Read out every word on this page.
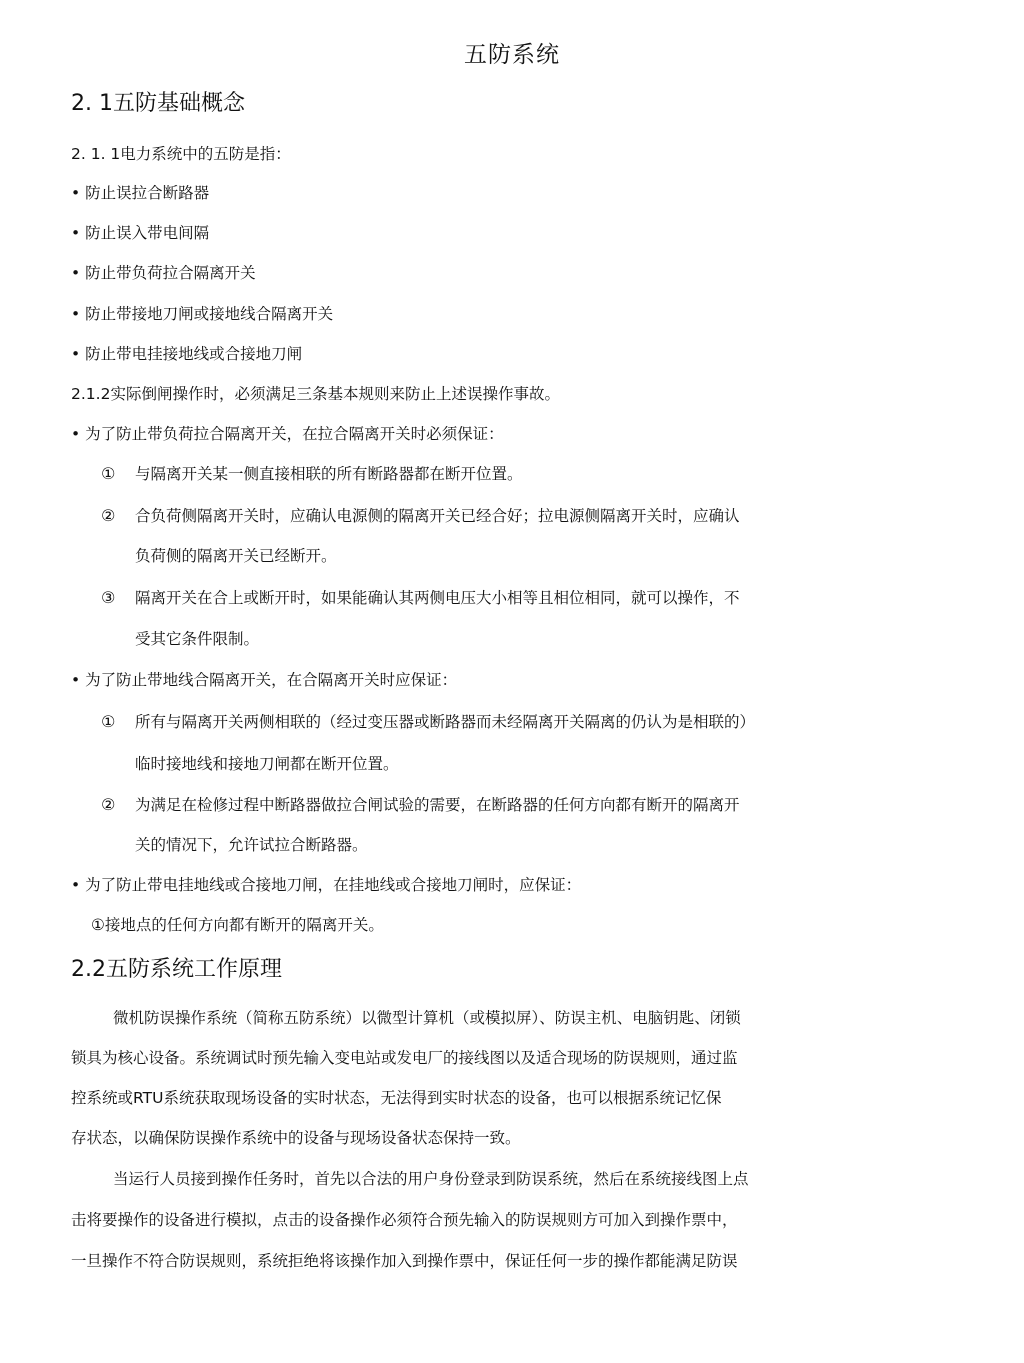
五防系统
2. 1五防基础概念
2. 1. 1电力系统中的五防是指：
• 防止误拉合断路器
• 防止误入带电间隔
• 防止带负荷拉合隔离开关
• 防止带接地刀闸或接地线合隔离开关
• 防止带电挂接地线或合接地刀闸
2.1.2实际倒闸操作时，必须满足三条基本规则来防止上述误操作事故。
• 为了防止带负荷拉合隔离开关，在拉合隔离开关时必须保证：
① 与隔离开关某一侧直接相联的所有断路器都在断开位置。
② 合负荷侧隔离开关时，应确认电源侧的隔离开关已经合好；拉电源侧隔离开关时，应确认
负荷侧的隔离开关已经断开。
③ 隔离开关在合上或断开时，如果能确认其两侧电压大小相等且相位相同，就可以操作，不
受其它条件限制。
• 为了防止带地线合隔离开关，在合隔离开关时应保证：
① 所有与隔离开关两侧相联的（经过变压器或断路器而未经隔离开关隔离的仍认为是相联的）
临时接地线和接地刀闸都在断开位置。
② 为满足在检修过程中断路器做拉合闸试验的需要，在断路器的任何方向都有断开的隔离开
关的情况下，允许试拉合断路器。
• 为了防止带电挂地线或合接地刀闸，在挂地线或合接地刀闸时，应保证：
①接地点的任何方向都有断开的隔离开关。
2.2五防系统工作原理
微机防误操作系统（简称五防系统）以微型计算机（或模拟屏）、防误主机、电脑钥匙、闭锁
锁具为核心设备。系统调试时预先输入变电站或发电厂的接线图以及适合现场的防误规则，通过监
控系统或RTU系统获取现场设备的实时状态，无法得到实时状态的设备，也可以根据系统记忆保
存状态，以确保防误操作系统中的设备与现场设备状态保持一致。
当运行人员接到操作任务时，首先以合法的用户身份登录到防误系统，然后在系统接线图上点
击将要操作的设备进行模拟，点击的设备操作必须符合预先输入的防误规则方可加入到操作票中，
一旦操作不符合防误规则，系统拒绝将该操作加入到操作票中，保证任何一步的操作都能满足防误
